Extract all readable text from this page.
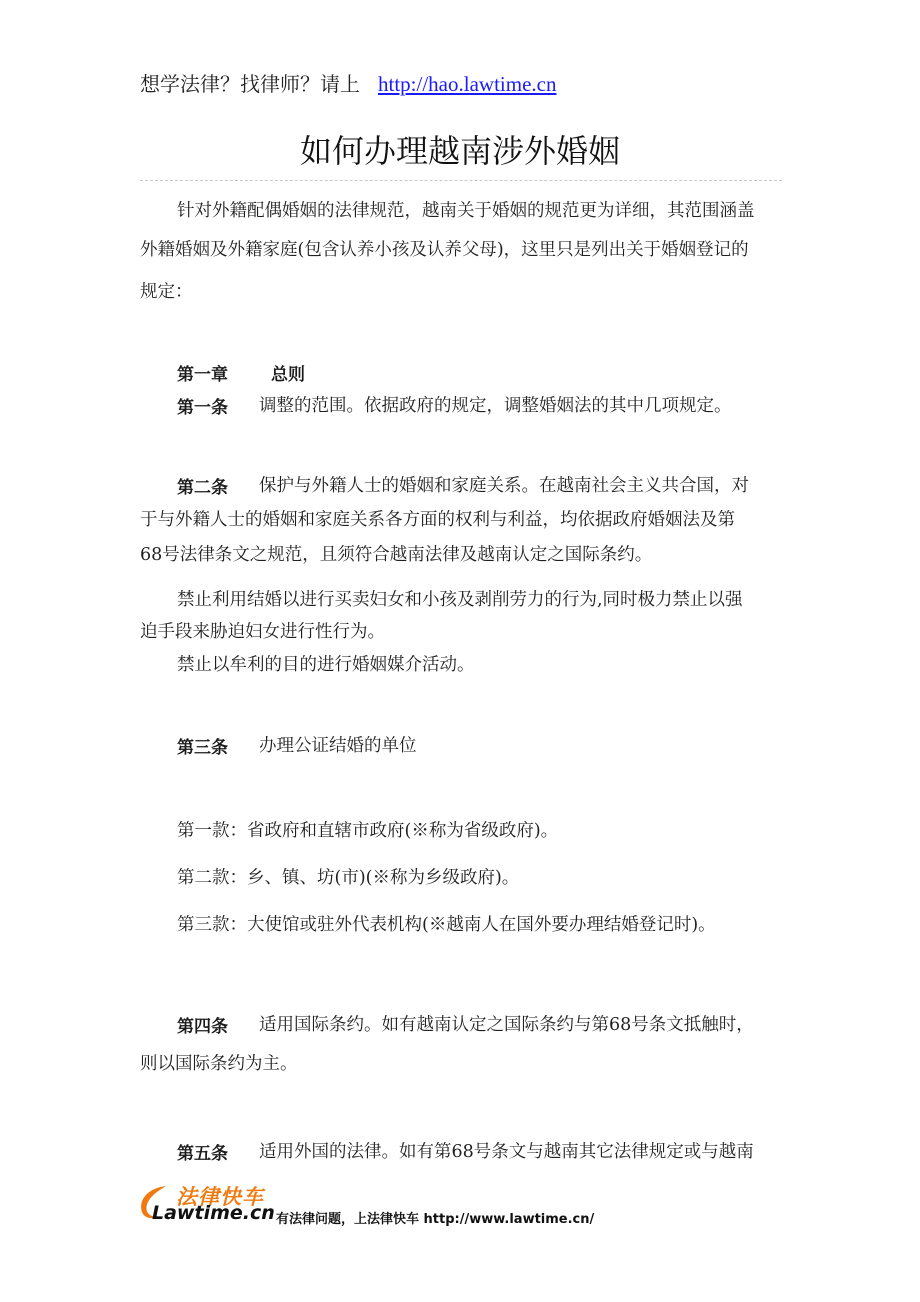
想学法律？找律师？请上 http://hao.lawtime.cn
如何办理越南涉外婚姻
针对外籍配偶婚姻的法律规范，越南关于婚姻的规范更为详细，其范围涵盖
外籍婚姻及外籍家庭(包含认养小孩及认养父母)，这里只是列出关于婚姻登记的
规定：
第一章	总则
第一条 调整的范围。依据政府的规定，调整婚姻法的其中几项规定。
第二条 保护与外籍人士的婚姻和家庭关系。在越南社会主义共合国，对
于与外籍人士的婚姻和家庭关系各方面的权利与利益，均依据政府婚姻法及第
68号法律条文之规范，且须符合越南法律及越南认定之国际条约。
禁止利用结婚以进行买卖妇女和小孩及剥削劳力的行为,同时极力禁止以强
迫手段来胁迫妇女进行性行为。
禁止以牟利的目的进行婚姻媒介活动。
第三条 办理公证结婚的单位
第一款：省政府和直辖市政府(※称为省级政府)。
第二款：乡、镇、坊(市)(※称为乡级政府)。
第三款：大使馆或驻外代表机构(※越南人在国外要办理结婚登记时)。
第四条 适用国际条约。如有越南认定之国际条约与第68号条文抵触时，
则以国际条约为主。
第五条 适用外国的法律。如有第68号条文与越南其它法律规定或与越南
法律快车
Lawtime.cn 有法律问题，上法律快车 http://www.lawtime.cn/
